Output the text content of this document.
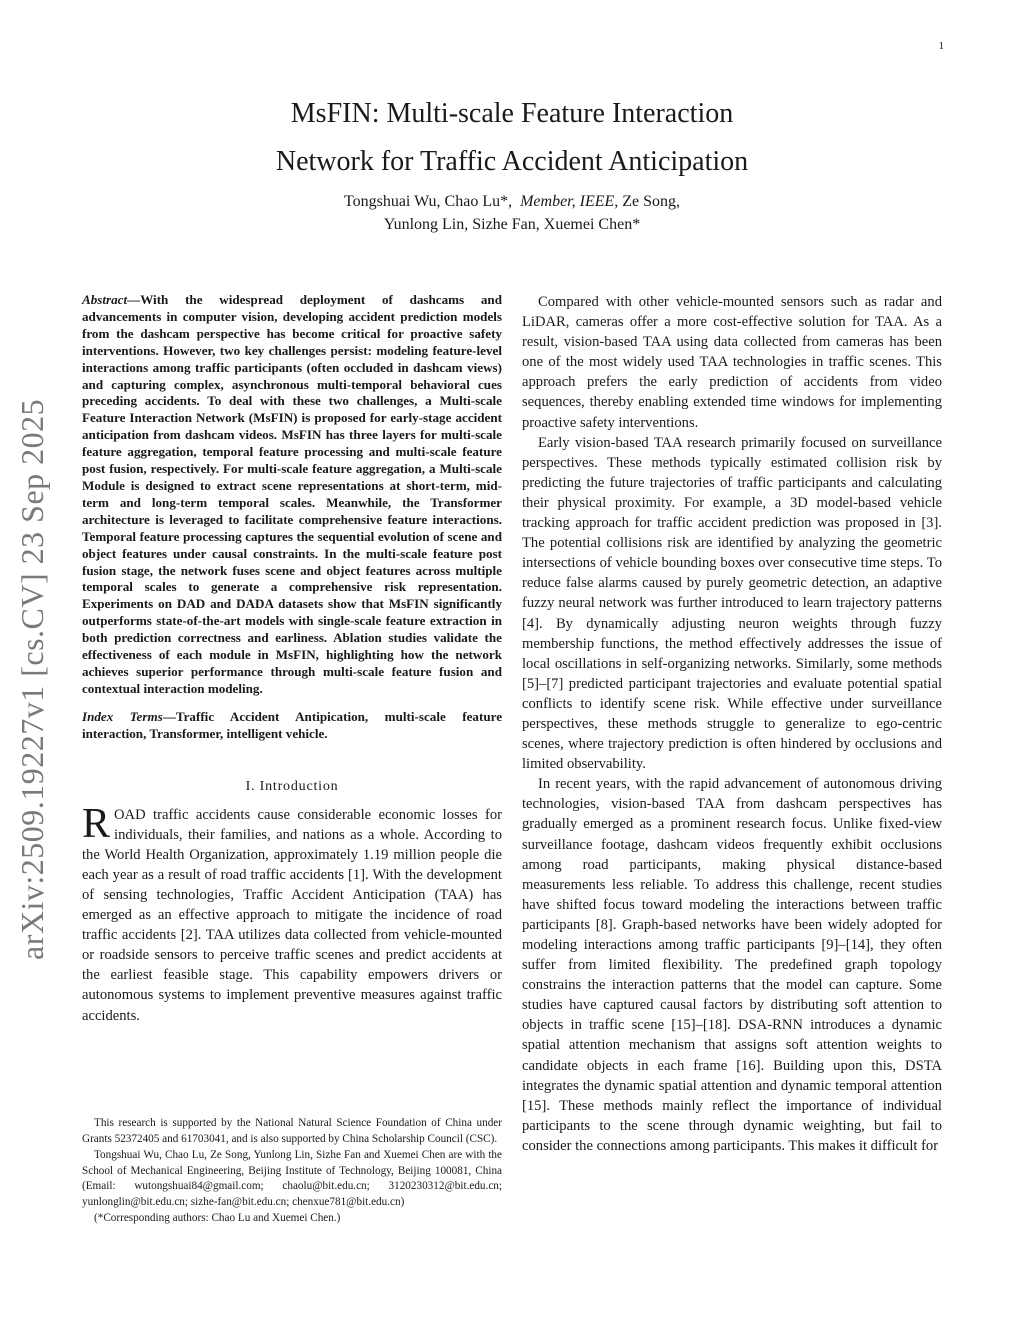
1
arXiv:2509.19227v1 [cs.CV] 23 Sep 2025
MsFIN: Multi-scale Feature Interaction
Network for Traffic Accident Anticipation
Tongshuai Wu, Chao Lu*, Member, IEEE, Ze Song,
Yunlong Lin, Sizhe Fan, Xuemei Chen*

Abstract—With the widespread deployment of dashcams and advancements in computer vision, developing accident prediction models from the dashcam perspective has become critical for proactive safety interventions. However, two key challenges persist: modeling feature-level interactions among traffic participants (often occluded in dashcam views) and capturing complex, asynchronous multi-temporal behavioral cues preceding accidents. To deal with these two challenges, a Multi-scale Feature Interaction Network (MsFIN) is proposed for early-stage accident anticipation from dashcam videos. MsFIN has three layers for multi-scale feature aggregation, temporal feature processing and multi-scale feature post fusion, respectively. For multi-scale feature aggregation, a Multi-scale Module is designed to extract scene representations at short-term, mid-term and long-term temporal scales. Meanwhile, the Transformer architecture is leveraged to facilitate comprehensive feature interactions. Temporal feature processing captures the sequential evolution of scene and object features under causal constraints. In the multi-scale feature post fusion stage, the network fuses scene and object features across multiple temporal scales to generate a comprehensive risk representation. Experiments on DAD and DADA datasets show that MsFIN significantly outperforms state-of-the-art models with single-scale feature extraction in both prediction correctness and earliness. Ablation studies validate the effectiveness of each module in MsFIN, highlighting how the network achieves superior performance through multi-scale feature fusion and contextual interaction modeling.

Index Terms—Traffic Accident Antipication, multi-scale feature interaction, Transformer, intelligent vehicle.

I. Introduction

ROAD traffic accidents cause considerable economic losses for individuals, their families, and nations as a whole. According to the World Health Organization, approximately 1.19 million people die each year as a result of road traffic accidents [1]. With the development of sensing technologies, Traffic Accident Anticipation (TAA) has emerged as an effective approach to mitigate the incidence of road traffic accidents [2]. TAA utilizes data collected from vehicle-mounted or roadside sensors to perceive traffic scenes and predict accidents at the earliest feasible stage. This capability empowers drivers or autonomous systems to implement preventive measures against traffic accidents.

This research is supported by the National Natural Science Foundation of China under Grants 52372405 and 61703041, and is also supported by China Scholarship Council (CSC).

Tongshuai Wu, Chao Lu, Ze Song, Yunlong Lin, Sizhe Fan and Xuemei Chen are with the School of Mechanical Engineering, Beijing Institute of Technology, Beijing 100081, China (Email: wutongshuai84@gmail.com; chaolu@bit.edu.cn; 3120230312@bit.edu.cn; yunlonglin@bit.edu.cn; sizhe-fan@bit.edu.cn; chenxue781@bit.edu.cn)

(*Corresponding authors: Chao Lu and Xuemei Chen.)

Compared with other vehicle-mounted sensors such as radar and LiDAR, cameras offer a more cost-effective solution for TAA. As a result, vision-based TAA using data collected from cameras has been one of the most widely used TAA technologies in traffic scenes. This approach prefers the early prediction of accidents from video sequences, thereby enabling extended time windows for implementing proactive safety interventions.

Early vision-based TAA research primarily focused on surveillance perspectives. These methods typically estimated collision risk by predicting the future trajectories of traffic participants and calculating their physical proximity. For example, a 3D model-based vehicle tracking approach for traffic accident prediction was proposed in [3]. The potential collisions risk are identified by analyzing the geometric intersections of vehicle bounding boxes over consecutive time steps. To reduce false alarms caused by purely geometric detection, an adaptive fuzzy neural network was further introduced to learn trajectory patterns [4]. By dynamically adjusting neuron weights through fuzzy membership functions, the method effectively addresses the issue of local oscillations in self-organizing networks. Similarly, some methods [5]–[7] predicted participant trajectories and evaluate potential spatial conflicts to identify scene risk. While effective under surveillance perspectives, these methods struggle to generalize to ego-centric scenes, where trajectory prediction is often hindered by occlusions and limited observability.

In recent years, with the rapid advancement of autonomous driving technologies, vision-based TAA from dashcam perspectives has gradually emerged as a prominent research focus. Unlike fixed-view surveillance footage, dashcam videos frequently exhibit occlusions among road participants, making physical distance-based measurements less reliable. To address this challenge, recent studies have shifted focus toward modeling the interactions between traffic participants [8]. Graph-based networks have been widely adopted for modeling interactions among traffic participants [9]–[14], they often suffer from limited flexibility. The predefined graph topology constrains the interaction patterns that the model can capture. Some studies have captured causal factors by distributing soft attention to objects in traffic scene [15]–[18]. DSA-RNN introduces a dynamic spatial attention mechanism that assigns soft attention weights to candidate objects in each frame [16]. Building upon this, DSTA integrates the dynamic spatial attention and dynamic temporal attention [15]. These methods mainly reflect the importance of individual participants to the scene through dynamic weighting, but fail to consider the connections among participants. This makes it difficult for
